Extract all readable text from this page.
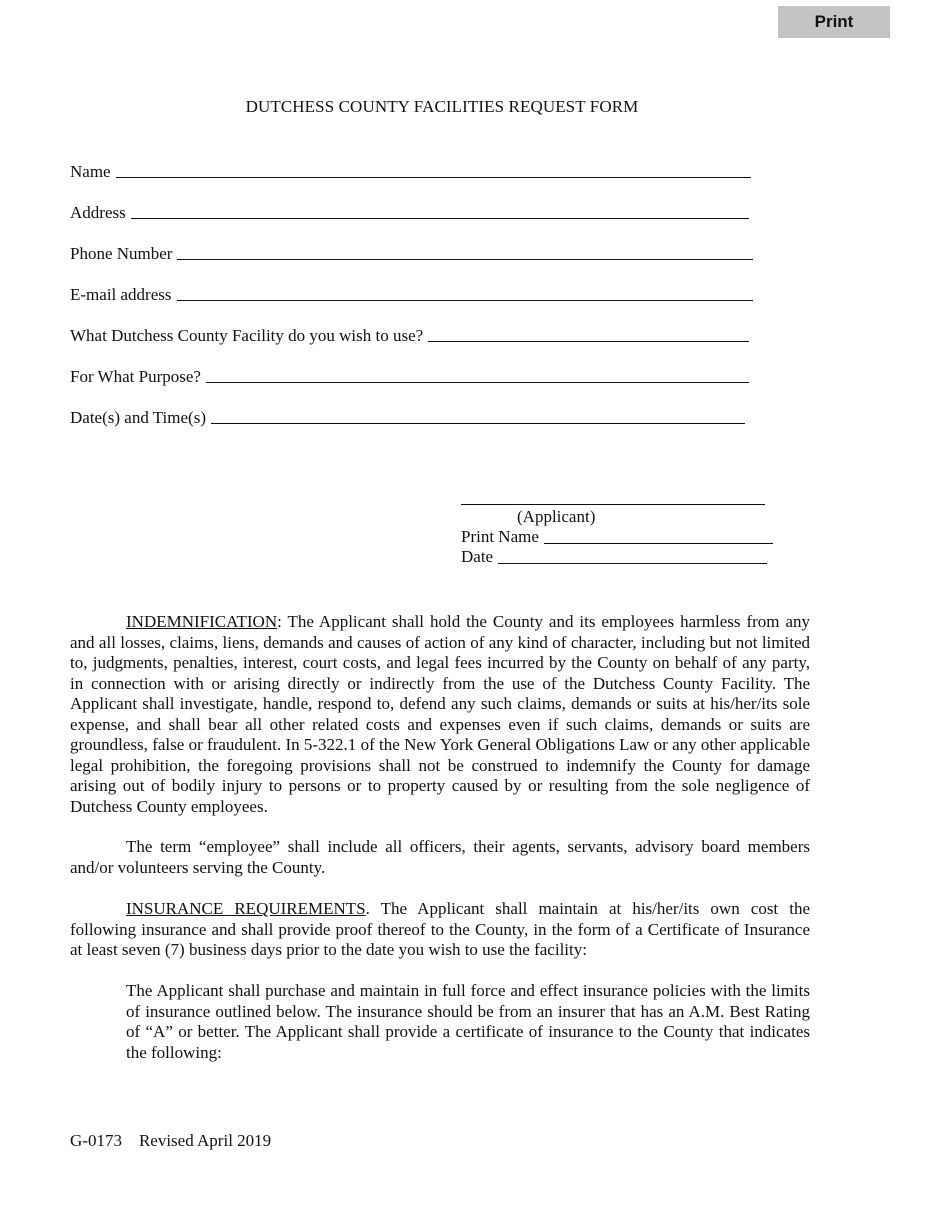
Print
DUTCHESS COUNTY FACILITIES REQUEST FORM
Name
Address
Phone Number
E-mail address
What Dutchess County Facility do you wish to use?
For What Purpose?
Date(s) and Time(s)
(Applicant)
Print Name
Date
INDEMNIFICATION: The Applicant shall hold the County and its employees harmless from any and all losses, claims, liens, demands and causes of action of any kind of character, including but not limited to, judgments, penalties, interest, court costs, and legal fees incurred by the County on behalf of any party, in connection with or arising directly or indirectly from the use of the Dutchess County Facility. The Applicant shall investigate, handle, respond to, defend any such claims, demands or suits at his/her/its sole expense, and shall bear all other related costs and expenses even if such claims, demands or suits are groundless, false or fraudulent. In 5-322.1 of the New York General Obligations Law or any other applicable legal prohibition, the foregoing provisions shall not be construed to indemnify the County for damage arising out of bodily injury to persons or to property caused by or resulting from the sole negligence of Dutchess County employees.
The term “employee” shall include all officers, their agents, servants, advisory board members and/or volunteers serving the County.
INSURANCE REQUIREMENTS. The Applicant shall maintain at his/her/its own cost the following insurance and shall provide proof thereof to the County, in the form of a Certificate of Insurance at least seven (7) business days prior to the date you wish to use the facility:
The Applicant shall purchase and maintain in full force and effect insurance policies with the limits of insurance outlined below. The insurance should be from an insurer that has an A.M. Best Rating of “A” or better. The Applicant shall provide a certificate of insurance to the County that indicates the following:
G-0173 Revised April 2019
